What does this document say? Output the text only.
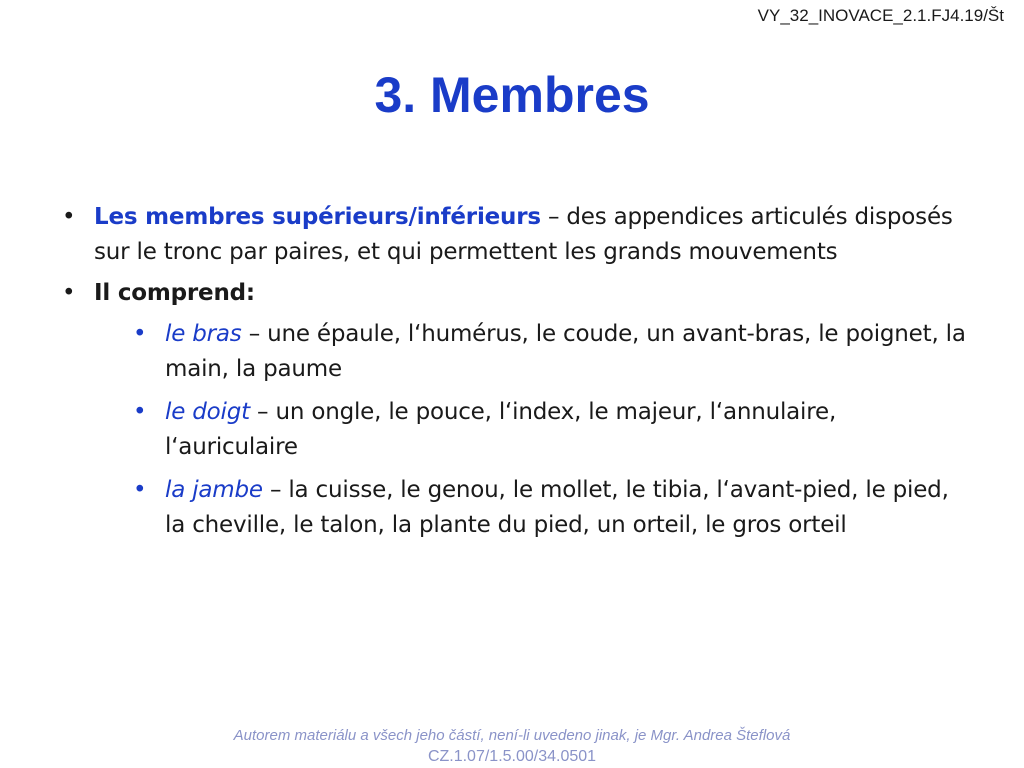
VY_32_INOVACE_2.1.FJ4.19/Št
3. Membres
• Les membres supérieurs/inférieurs – des appendices articulés disposés sur le tronc par paires, et qui permettent les grands mouvements
• Il comprend:
• le bras – une épaule, l‘humérus, le coude, un avant-bras, le poignet, la main, la paume
• le doigt – un ongle, le pouce, l‘index, le majeur, l‘annulaire, l‘auriculaire
• la jambe – la cuisse, le genou, le mollet, le tibia, l‘avant-pied, le pied, la cheville, le talon, la plante du pied, un orteil, le gros orteil
Autorem materiálu a všech jeho částí, není-li uvedeno jinak, je Mgr. Andrea Šteflová
CZ.1.07/1.5.00/34.0501
